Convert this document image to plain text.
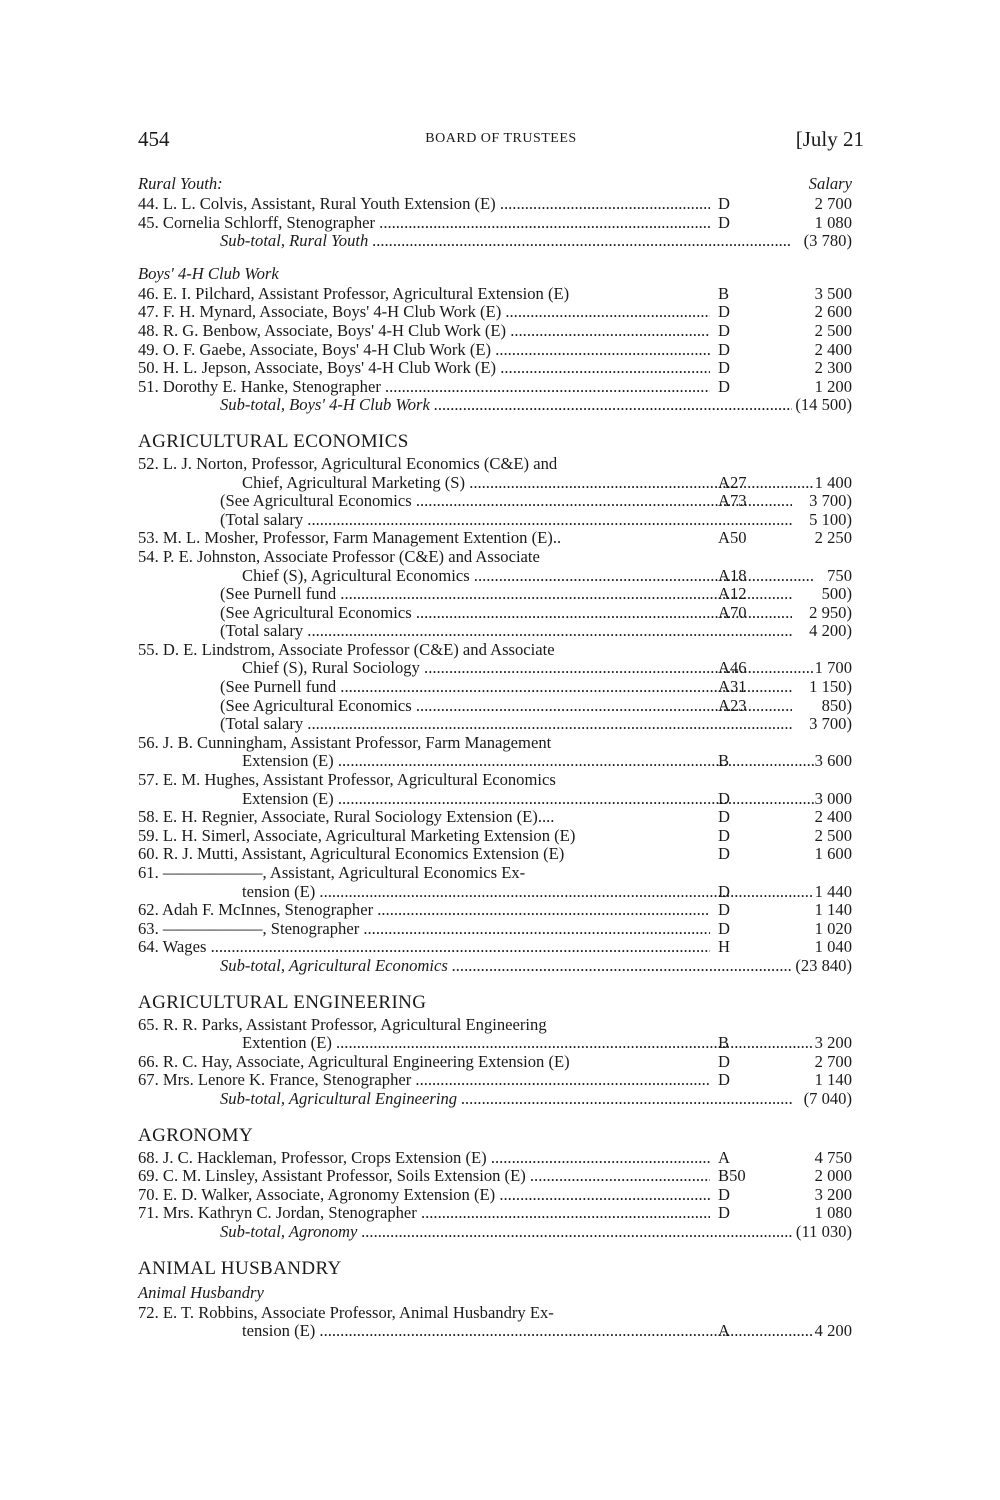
454	BOARD OF TRUSTEES	[July 21
Rural Youth:	Salary
44. L. L. Colvis, Assistant, Rural Youth Extension (E) .....	D	2 700
45. Cornelia Schlorff, Stenographer .....	D	1 080
Sub-total, Rural Youth .....	(3 780)
Boys' 4-H Club Work
46. E. I. Pilchard, Assistant Professor, Agricultural Extension (E)	B	3 500
47. F. H. Mynard, Associate, Boys' 4-H Club Work (E) .....	D	2 600
48. R. G. Benbow, Associate, Boys' 4-H Club Work (E) .....	D	2 500
49. O. F. Gaebe, Associate, Boys' 4-H Club Work (E) .....	D	2 400
50. H. L. Jepson, Associate, Boys' 4-H Club Work (E) .....	D	2 300
51. Dorothy E. Hanke, Stenographer .....	D	1 200
Sub-total, Boys' 4-H Club Work .....	(14 500)
AGRICULTURAL ECONOMICS
52. L. J. Norton, Professor, Agricultural Economics (C&E) and
Chief, Agricultural Marketing (S) .....	A27	1 400
(See Agricultural Economics .....	A73	3 700)
(Total salary .....	5 100)
53. M. L. Mosher, Professor, Farm Management Extention (E)..	A50	2 250
54. P. E. Johnston, Associate Professor (C&E) and Associate
Chief (S), Agricultural Economics .....	A18	750
(See Purnell fund .....	A12	500)
(See Agricultural Economics .....	A70	2 950)
(Total salary .....	4 200)
55. D. E. Lindstrom, Associate Professor (C&E) and Associate
Chief (S), Rural Sociology .....	A46	1 700
(See Purnell fund .....	A31	1 150)
(See Agricultural Economics .....	A23	850)
(Total salary .....	3 700)
56. J. B. Cunningham, Assistant Professor, Farm Management
Extension (E) .....	B	3 600
57. E. M. Hughes, Assistant Professor, Agricultural Economics
Extension (E) .....	D	3 000
58. E. H. Regnier, Associate, Rural Sociology Extension (E)....	D	2 400
59. L. H. Simerl, Associate, Agricultural Marketing Extension (E)	D	2 500
60. R. J. Mutti, Assistant, Agricultural Economics Extension (E)	D	1 600
61. ——————, Assistant, Agricultural Economics Ex-
tension (E) .....	D	1 440
62. Adah F. McInnes, Stenographer .....	D	1 140
63. ——————, Stenographer .....	D	1 020
64. Wages .....	H	1 040
Sub-total, Agricultural Economics .....	(23 840)
AGRICULTURAL ENGINEERING
65. R. R. Parks, Assistant Professor, Agricultural Engineering
Extention (E) .....	B	3 200
66. R. C. Hay, Associate, Agricultural Engineering Extension (E)	D	2 700
67. Mrs. Lenore K. France, Stenographer .....	D	1 140
Sub-total, Agricultural Engineering .....	(7 040)
AGRONOMY
68. J. C. Hackleman, Professor, Crops Extension (E) .....	A	4 750
69. C. M. Linsley, Assistant Professor, Soils Extension (E) .....	B50	2 000
70. E. D. Walker, Associate, Agronomy Extension (E) .....	D	3 200
71. Mrs. Kathryn C. Jordan, Stenographer .....	D	1 080
Sub-total, Agronomy .....	(11 030)
ANIMAL HUSBANDRY
Animal Husbandry
72. E. T. Robbins, Associate Professor, Animal Husbandry Ex-
tension (E) .....	A	4 200
